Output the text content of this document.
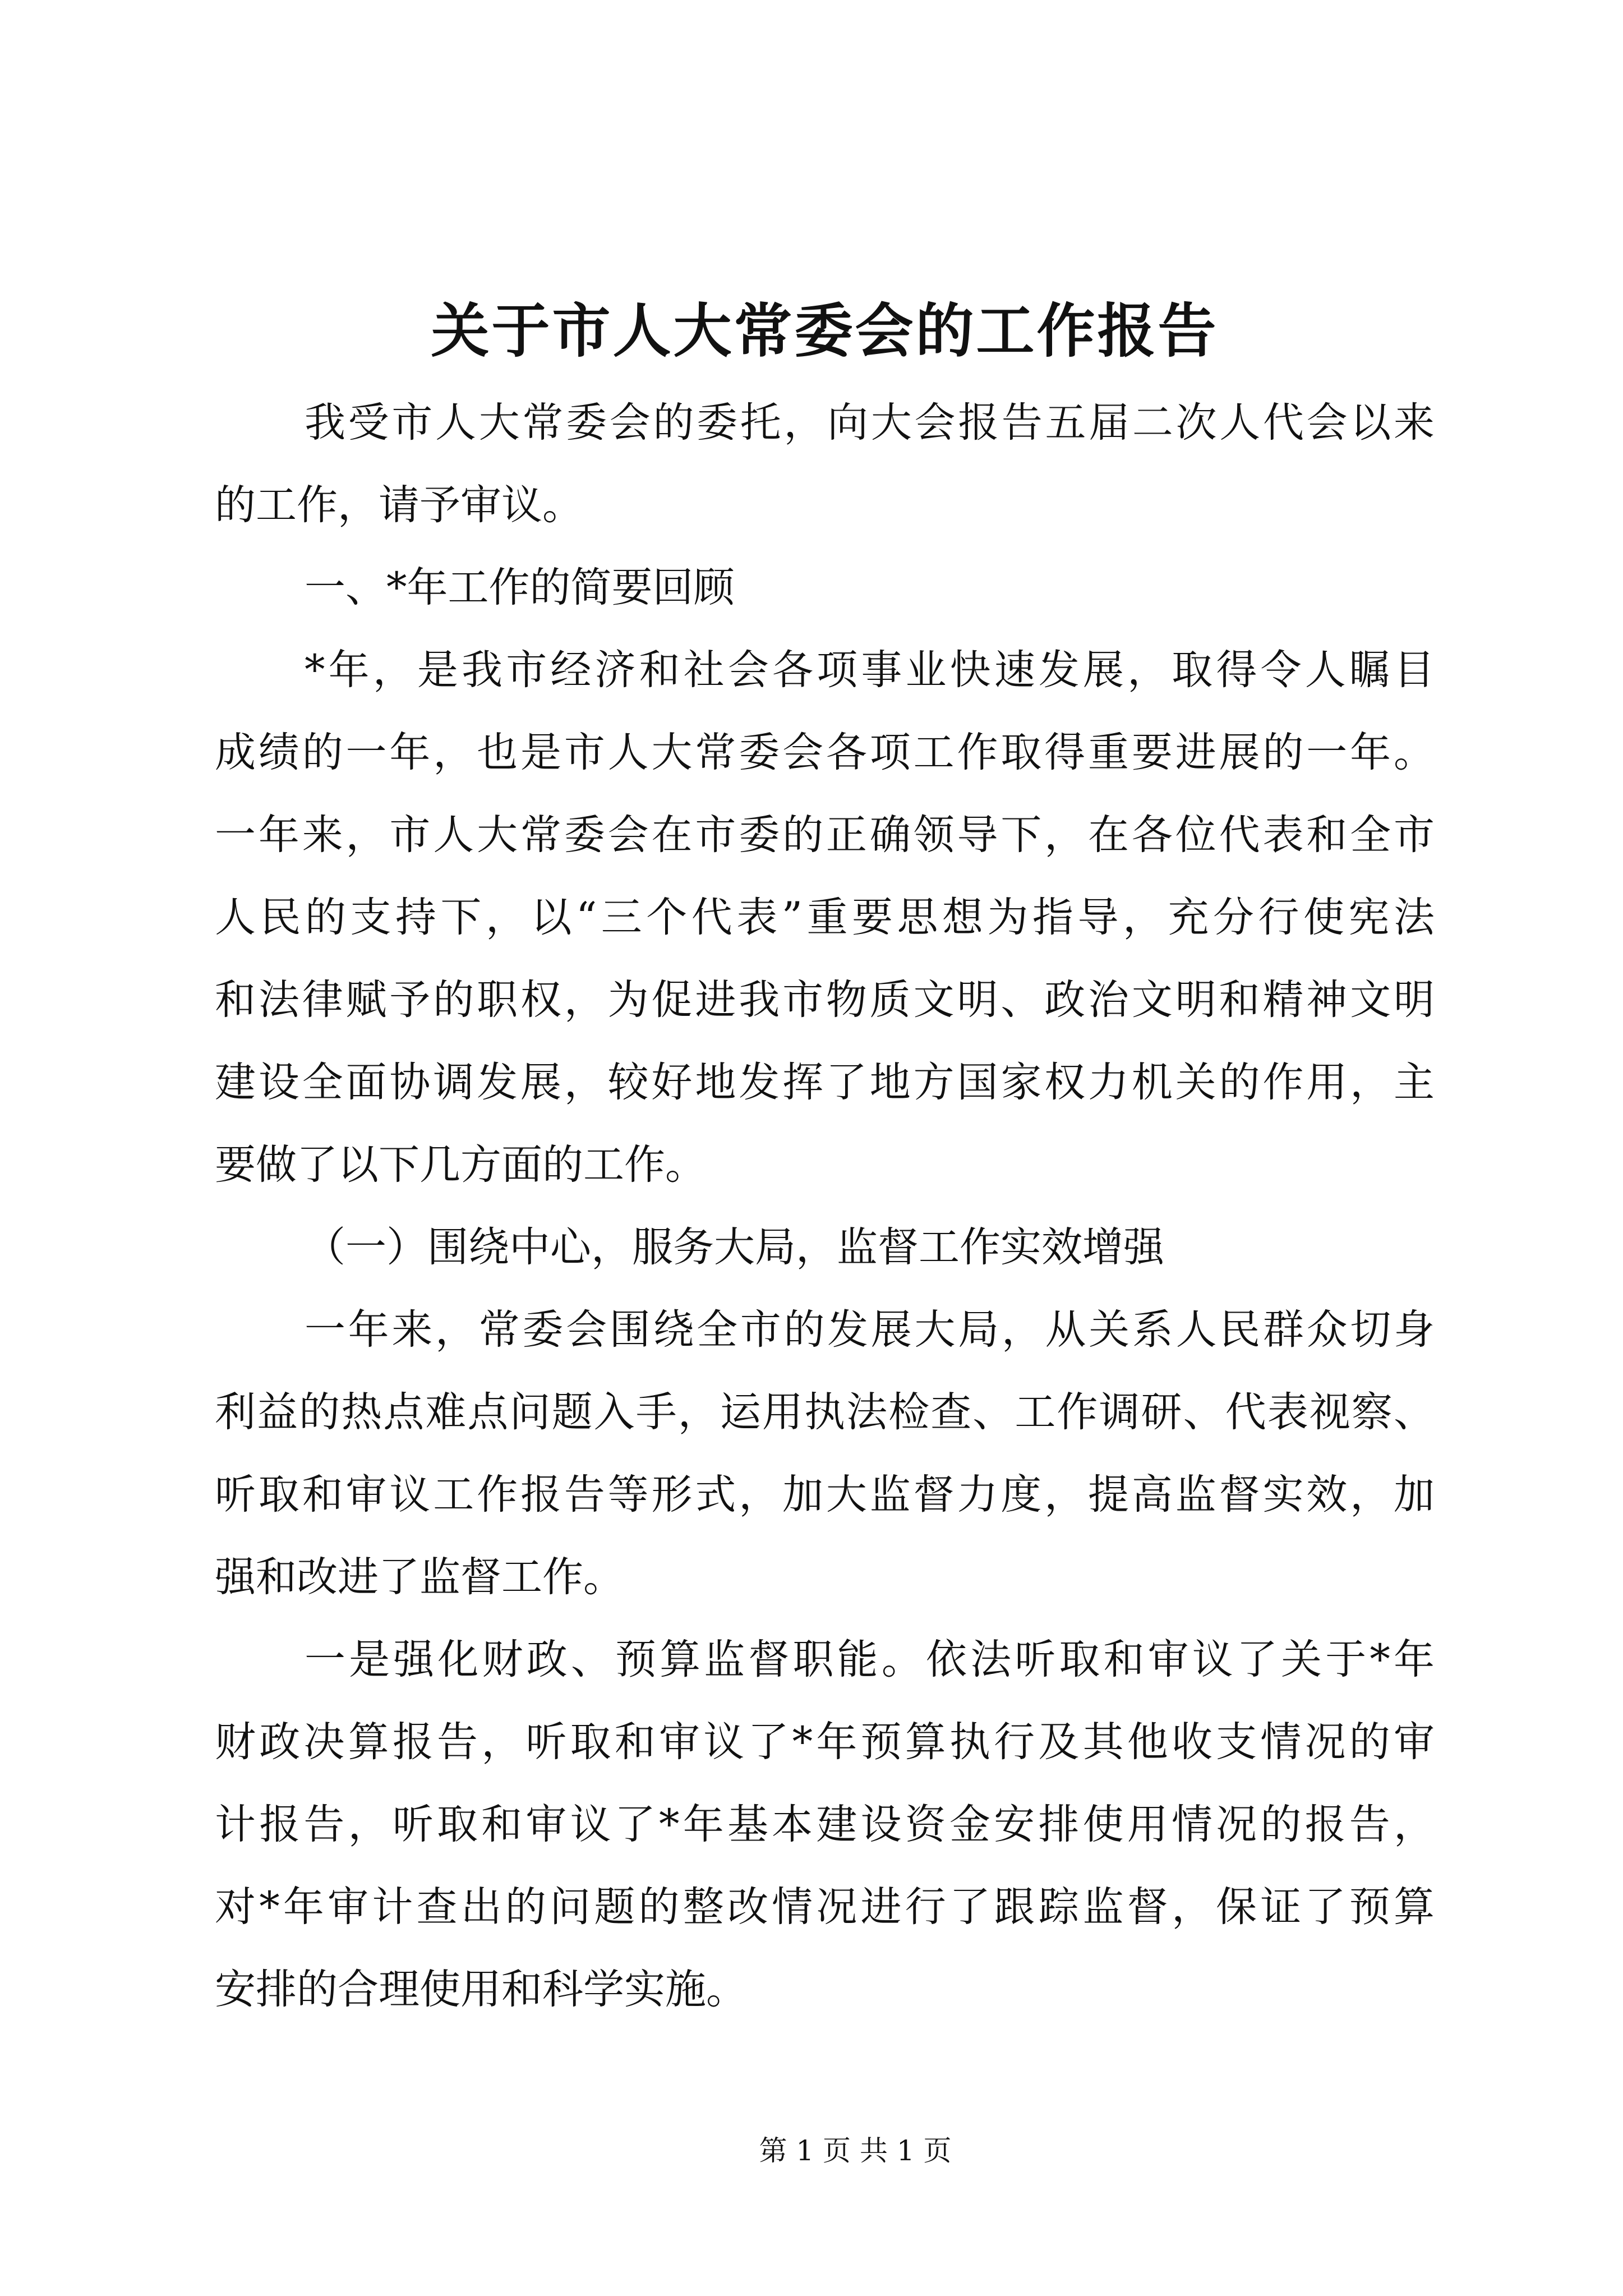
关于市人大常委会的工作报告
我受市人大常委会的委托，向大会报告五届二次人代会以来
的工作，请予审议。
一、*年工作的简要回顾
*年，是我市经济和社会各项事业快速发展，取得令人瞩目
成绩的一年，也是市人大常委会各项工作取得重要进展的一年。
一年来，市人大常委会在市委的正确领导下，在各位代表和全市
人民的支持下，以“三个代表”重要思想为指导，充分行使宪法
和法律赋予的职权，为促进我市物质文明、政治文明和精神文明
建设全面协调发展，较好地发挥了地方国家权力机关的作用，主
要做了以下几方面的工作。
（一）围绕中心，服务大局，监督工作实效增强
一年来，常委会围绕全市的发展大局，从关系人民群众切身
利益的热点难点问题入手，运用执法检查、工作调研、代表视察、
听取和审议工作报告等形式，加大监督力度，提高监督实效，加
强和改进了监督工作。
一是强化财政、预算监督职能。依法听取和审议了关于*年
财政决算报告，听取和审议了*年预算执行及其他收支情况的审
计报告，听取和审议了*年基本建设资金安排使用情况的报告，
对*年审计查出的问题的整改情况进行了跟踪监督，保证了预算
安排的合理使用和科学实施。
第 1 页 共 1 页
